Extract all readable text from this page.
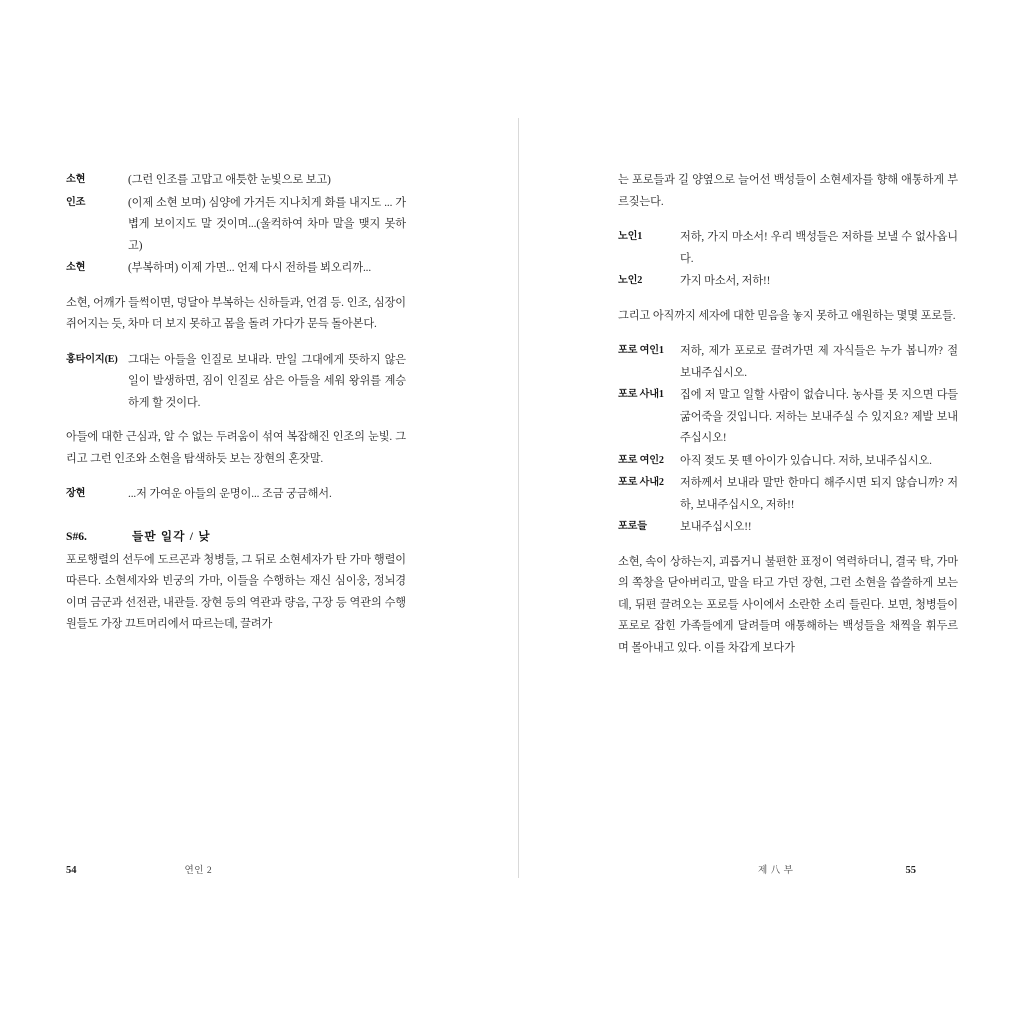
소현	(그런 인조를 고맙고 애틋한 눈빛으로 보고)
인조	(이제 소현 보며) 심양에 가거든 지나치게 화를 내지도 ... 가볍게 보이지도 말 것이며...(울컥하여 차마 말을 맺지 못하고)
소현	(부복하며) 이제 가면... 언제 다시 전하를 뵈오리까...

소현, 어깨가 들썩이면, 덩달아 부복하는 신하들과, 언겸 등. 인조, 심장이 쥐어지는 듯, 차마 더 보지 못하고 몸을 돌려 가다가 문득 돌아본다.

홍타이지(E) 그대는 아들을 인질로 보내라. 만일 그대에게 뜻하지 않은 일이 발생하면, 짐이 인질로 삼은 아들을 세워 왕위를 계승하게 할 것이다.

아들에 대한 근심과, 알 수 없는 두려움이 섞여 복잡해진 인조의 눈빛. 그리고 그런 인조와 소현을 탐색하듯 보는 장현의 혼잣말.

장현	...저 가여운 아들의 운명이... 조금 궁금해서.
S#6.	들판 일각 / 낮

포로행렬의 선두에 도르곤과 청병들, 그 뒤로 소현세자가 탄 가마 행렬이 따른다. 소현세자와 빈궁의 가마, 이들을 수행하는 재신 심이웅, 정뇌경이며 금군과 선전관, 내관들. 장현 등의 역관과 량음, 구장 등 역관의 수행원들도 가장 끄트머리에서 따르는데, 끌려가

는 포로들과 길 양옆으로 늘어선 백성들이 소현세자를 향해 애통하게 부르짖는다.

노인1	저하, 가지 마소서! 우리 백성들은 저하를 보낼 수 없사옵니다.
노인2	가지 마소서, 저하!!

그리고 아직까지 세자에 대한 믿음을 놓지 못하고 애원하는 몇몇 포로들.

포로 여인1	저하, 제가 포로로 끌려가면 제 자식들은 누가 봅니까? 절 보내주십시오.
포로 사내1	집에 저 말고 일할 사람이 없습니다. 농사를 못 지으면 다들 굶어죽을 것입니다. 저하는 보내주실 수 있지요? 제발 보내주십시오!
포로 여인2	아직 젖도 못 뗀 아이가 있습니다. 저하, 보내주십시오.
포로 사내2	저하께서 보내라 말만 한마디 해주시면 되지 않습니까? 저하, 보내주십시오, 저하!!
포로들	보내주십시오!!

소현, 속이 상하는지, 괴롭거니 불편한 표정이 역력하더니, 결국 탁, 가마의 쪽창을 닫아버리고, 말을 타고 가던 장현, 그런 소현을 씁쓸하게 보는데, 뒤편 끌려오는 포로들 사이에서 소란한 소리 들린다. 보면, 청병들이 포로로 잡힌 가족들에게 달려들며 애통해하는 백성들을 채찍을 휘두르며 몰아내고 있다. 이를 차갑게 보다가

54	연인 2	제 八 부	55
